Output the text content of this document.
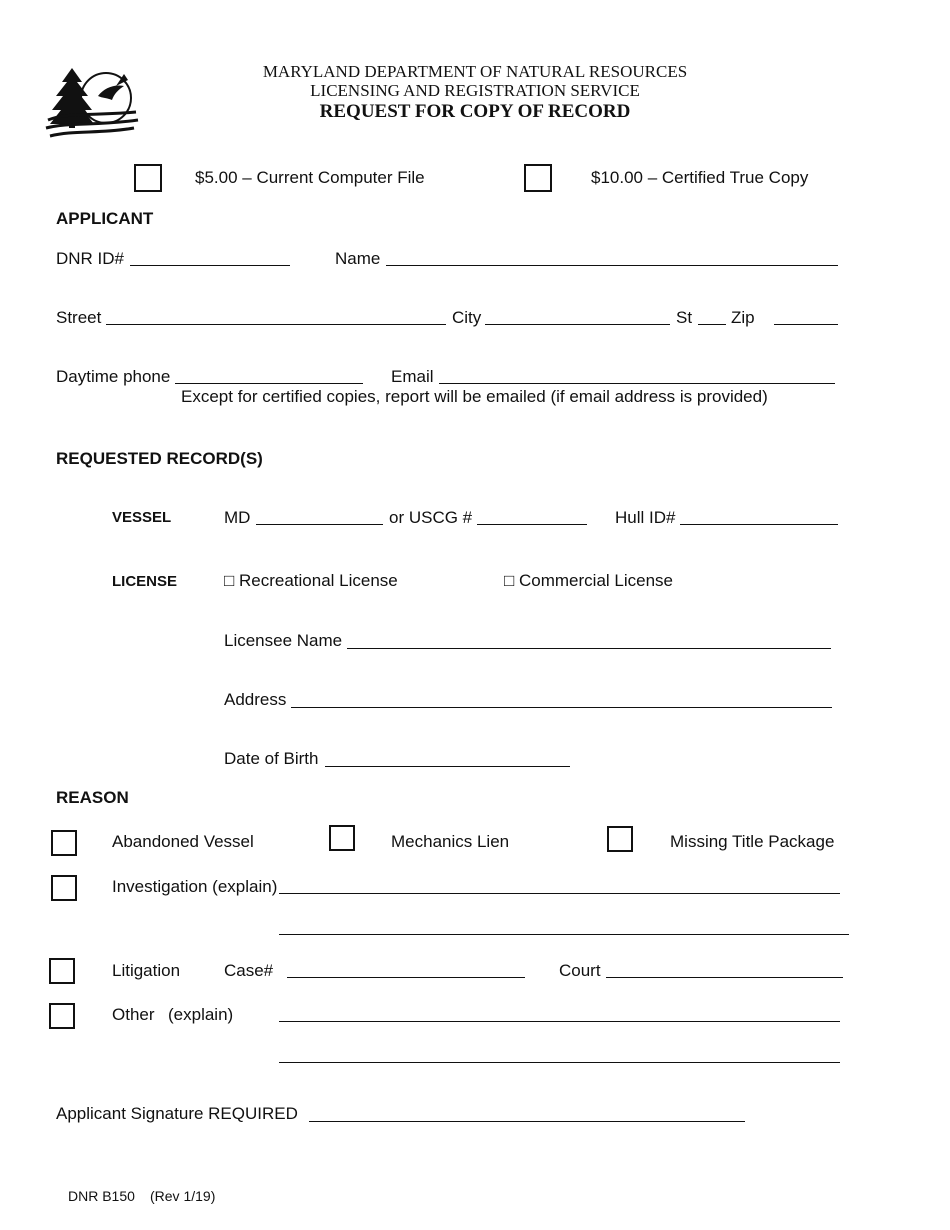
MARYLAND DEPARTMENT OF NATURAL RESOURCES
LICENSING AND REGISTRATION SERVICE
REQUEST FOR COPY OF RECORD
$5.00 – Current Computer File	$10.00 – Certified True Copy
APPLICANT
DNR ID#	Name
Street	City	St Zip
Daytime phone	Email
Except for certified copies, report will be emailed (if email address is provided)
REQUESTED RECORD(S)
VESSEL	MD	or USCG #	Hull ID#
LICENSE	□ Recreational License	□ Commercial License
Licensee Name
Address
Date of Birth
REASON
Abandoned Vessel	Mechanics Lien	Missing Title Package
Investigation (explain)
Litigation	Case#	Court
Other (explain)
Applicant Signature REQUIRED
DNR B150 (Rev 1/19)
